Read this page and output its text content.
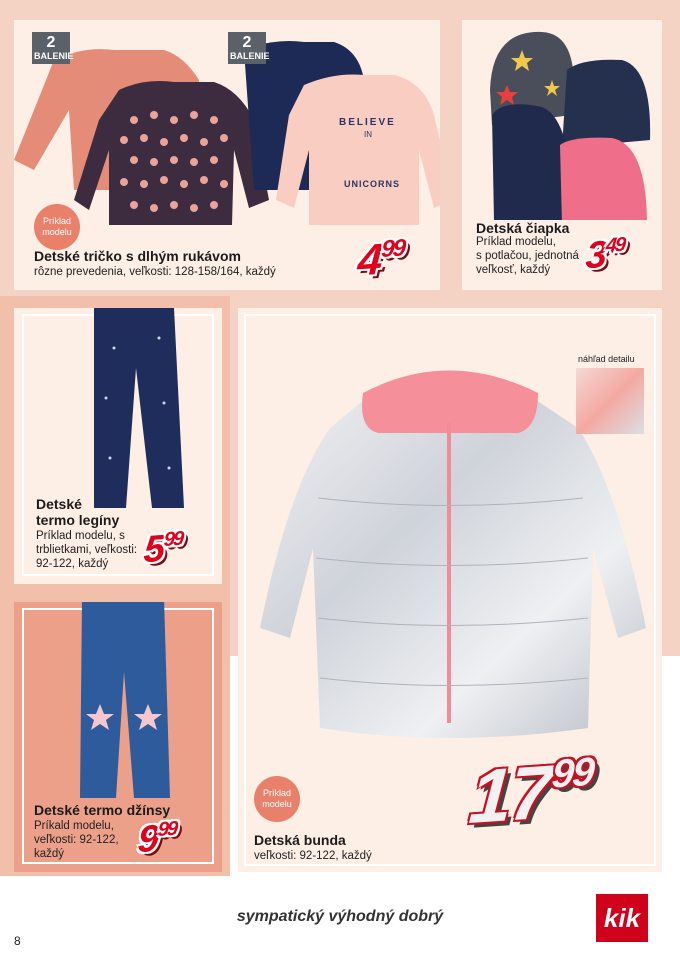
BELIEVE
IN
UNICORNS
2
BALENIE
2
BALENIE
Príklad modelu
Detské tričko s dlhým rukávom
rôzne prevedenia, veľkosti: 128-158/164, každý 499
Detská čiapka
Príklad modelu,
s potlačou, jednotná
veľkosť, každý 349
Detské
termo legíny
Príklad modelu, s
trblietkami, veľkosti:
92-122, každý 599
Detské termo džínsy
Príkald modelu,
veľkosti: 92-122,
každý 999
náhľad detailu
Príklad modelu
Detská bunda
veľkosti: 92-122, každý
1799
sympatický výhodný dobrý
8
kik
